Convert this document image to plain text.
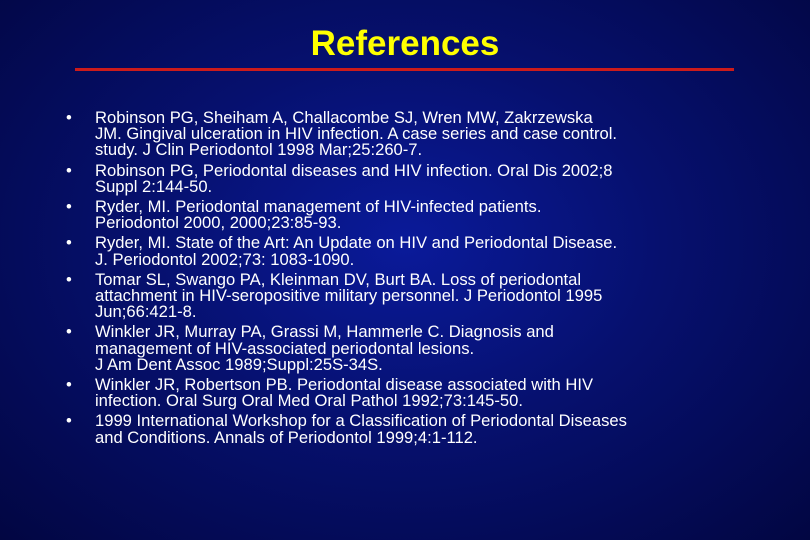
References
• Robinson PG, Sheiham A, Challacombe SJ, Wren MW, Zakrzewska
JM. Gingival ulceration in HIV infection. A case series and case control.
study. J Clin Periodontol 1998 Mar;25:260-7.
• Robinson PG, Periodontal diseases and HIV infection. Oral Dis 2002;8
Suppl 2:144-50.
• Ryder, MI. Periodontal management of HIV-infected patients.
Periodontol 2000, 2000;23:85-93.
• Ryder, MI. State of the Art: An Update on HIV and Periodontal Disease.
J. Periodontol 2002;73: 1083-1090.
• Tomar SL, Swango PA, Kleinman DV, Burt BA. Loss of periodontal
attachment in HIV-seropositive military personnel. J Periodontol 1995
Jun;66:421-8.
• Winkler JR, Murray PA, Grassi M, Hammerle C. Diagnosis and
management of HIV-associated periodontal lesions.
J Am Dent Assoc 1989;Suppl:25S-34S.
• Winkler JR, Robertson PB. Periodontal disease associated with HIV
infection. Oral Surg Oral Med Oral Pathol 1992;73:145-50.
• 1999 International Workshop for a Classification of Periodontal Diseases
and Conditions. Annals of Periodontol 1999;4:1-112.
